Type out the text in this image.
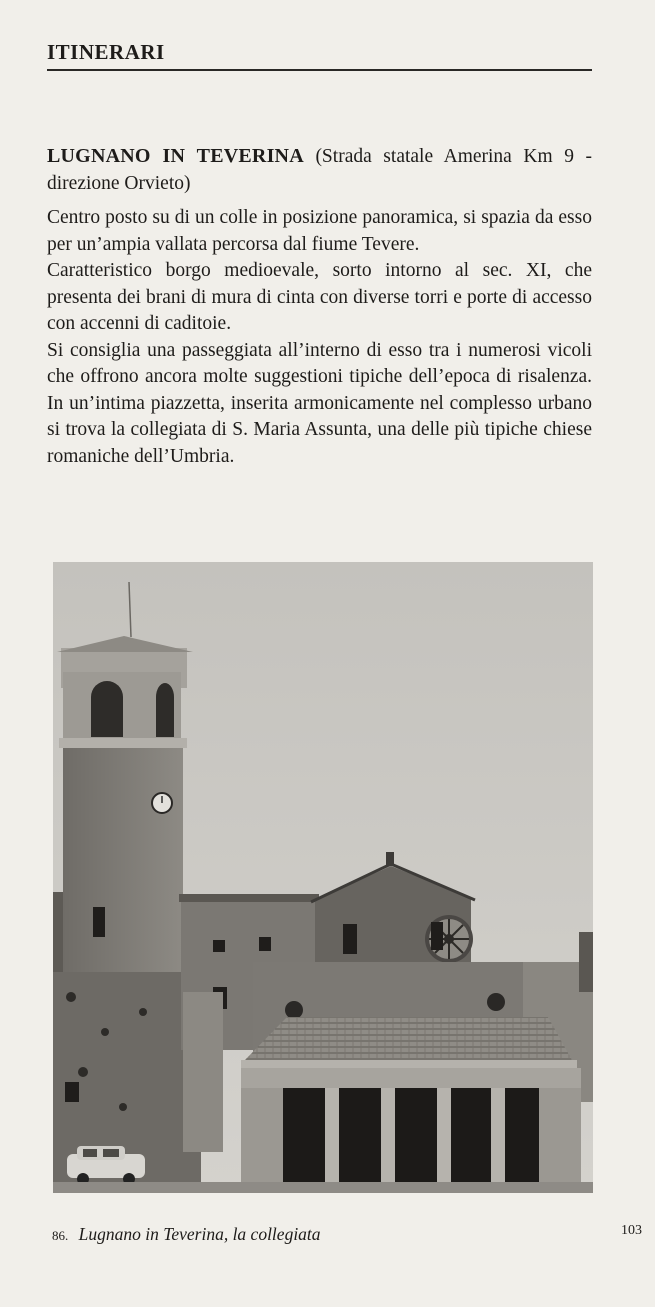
ITINERARI

LUGNANO IN TEVERINA (Strada statale Amerina Km 9 - direzione Orvieto)

Centro posto su di un colle in posizione panoramica, si spazia da esso per un’ampia vallata percorsa dal fiume Tevere.

Caratteristico borgo medioevale, sorto intorno al sec. XI, che presenta dei brani di mura di cinta con diverse torri e porte di accesso con accenni di caditoie.

Si consiglia una passeggiata all’interno di esso tra i numerosi vicoli che offrono ancora molte suggestioni tipiche dell’epoca di risalenza. In un’intima piazzetta, inserita armonicamente nel complesso urbano si trova la collegiata di S. Maria Assunta, una delle più tipiche chiese romaniche dell’Umbria.

86. Lugnano in Teverina, la collegiata	103
